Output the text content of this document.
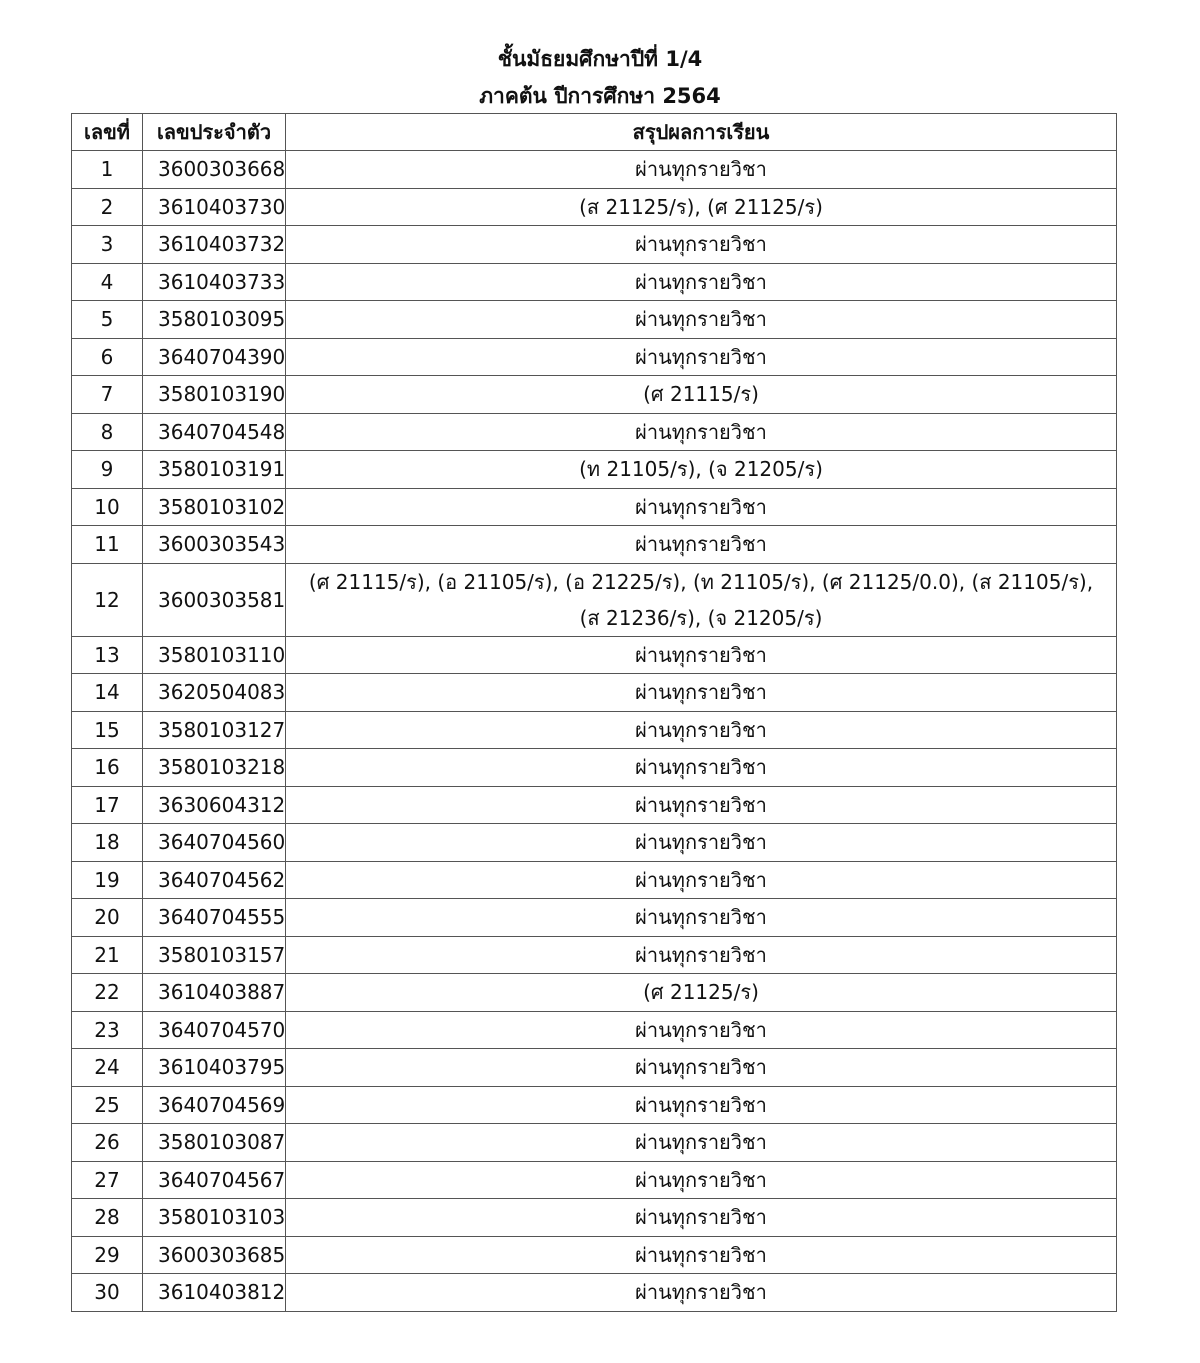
ชั้นมัธยมศึกษาปีที่ 1/4
ภาคต้น ปีการศึกษา 2564
เลขที่	เลขประจำตัว	สรุปผลการเรียน
1	3600303668	ผ่านทุกรายวิชา
2	3610403730	(ส 21125/ร), (ศ 21125/ร)
3	3610403732	ผ่านทุกรายวิชา
4	3610403733	ผ่านทุกรายวิชา
5	3580103095	ผ่านทุกรายวิชา
6	3640704390	ผ่านทุกรายวิชา
7	3580103190	(ศ 21115/ร)
8	3640704548	ผ่านทุกรายวิชา
9	3580103191	(ท 21105/ร), (จ 21205/ร)
10	3580103102	ผ่านทุกรายวิชา
11	3600303543	ผ่านทุกรายวิชา
12	3600303581	(ศ 21115/ร), (อ 21105/ร), (อ 21225/ร), (ท 21105/ร), (ศ 21125/0.0), (ส 21105/ร),
(ส 21236/ร), (จ 21205/ร)

13	3580103110	ผ่านทุกรายวิชา
14	3620504083	ผ่านทุกรายวิชา
15	3580103127	ผ่านทุกรายวิชา
16	3580103218	ผ่านทุกรายวิชา
17	3630604312	ผ่านทุกรายวิชา
18	3640704560	ผ่านทุกรายวิชา
19	3640704562	ผ่านทุกรายวิชา
20	3640704555	ผ่านทุกรายวิชา
21	3580103157	ผ่านทุกรายวิชา
22	3610403887	(ศ 21125/ร)
23	3640704570	ผ่านทุกรายวิชา
24	3610403795	ผ่านทุกรายวิชา
25	3640704569	ผ่านทุกรายวิชา
26	3580103087	ผ่านทุกรายวิชา
27	3640704567	ผ่านทุกรายวิชา
28	3580103103	ผ่านทุกรายวิชา
29	3600303685	ผ่านทุกรายวิชา
30	3610403812	ผ่านทุกรายวิชา
